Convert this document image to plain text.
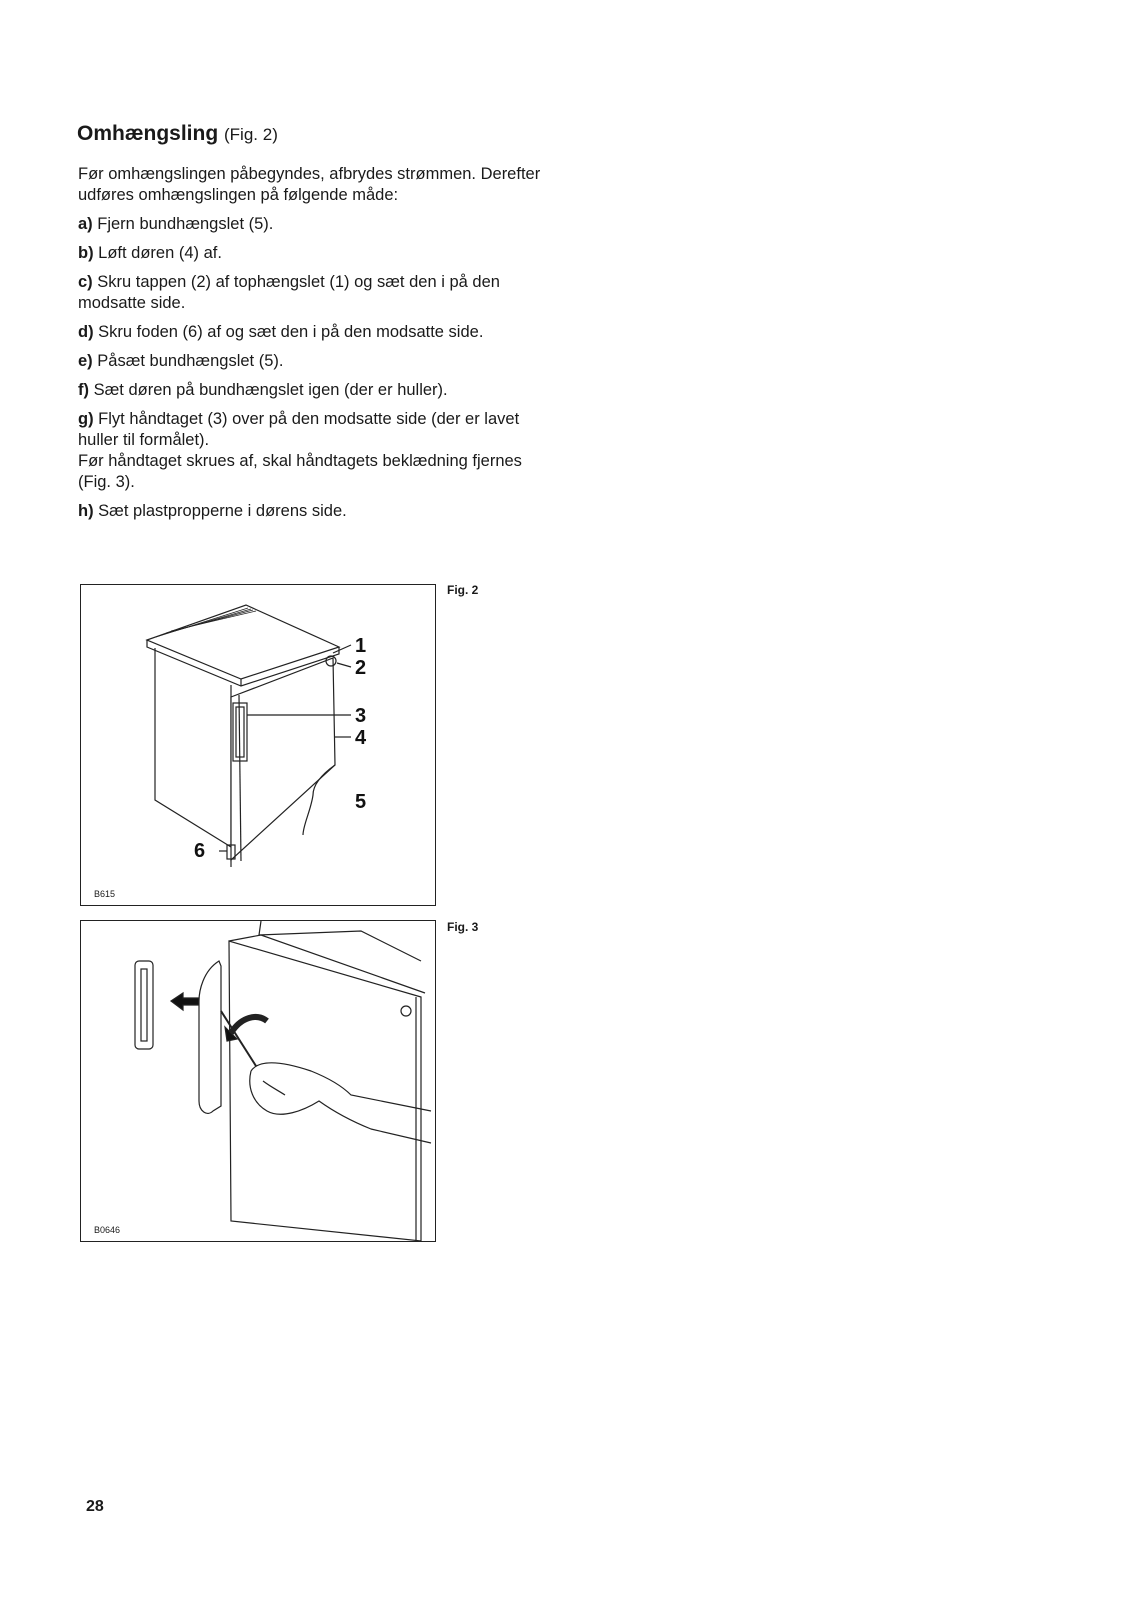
Omhængsling (Fig. 2)

Før omhængslingen påbegyndes, afbrydes strømmen. Derefter udføres omhængslingen på følgende måde:

a) Fjern bundhængslet (5).

b) Løft døren (4) af.

c) Skru tappen (2) af tophængslet (1) og sæt den i på den modsatte side.

d) Skru foden (6) af og sæt den i på den modsatte side.

e) Påsæt bundhængslet (5).

f) Sæt døren på bundhængslet igen (der er huller).

g) Flyt håndtaget (3) over på den modsatte side (der er lavet huller til formålet).

Før håndtaget skrues af, skal håndtagets beklædning fjernes (Fig. 3).

h) Sæt plastpropperne i dørens side.

1
2
3
4
5
6
B615
Fig. 2
B0646
Fig. 3
28
